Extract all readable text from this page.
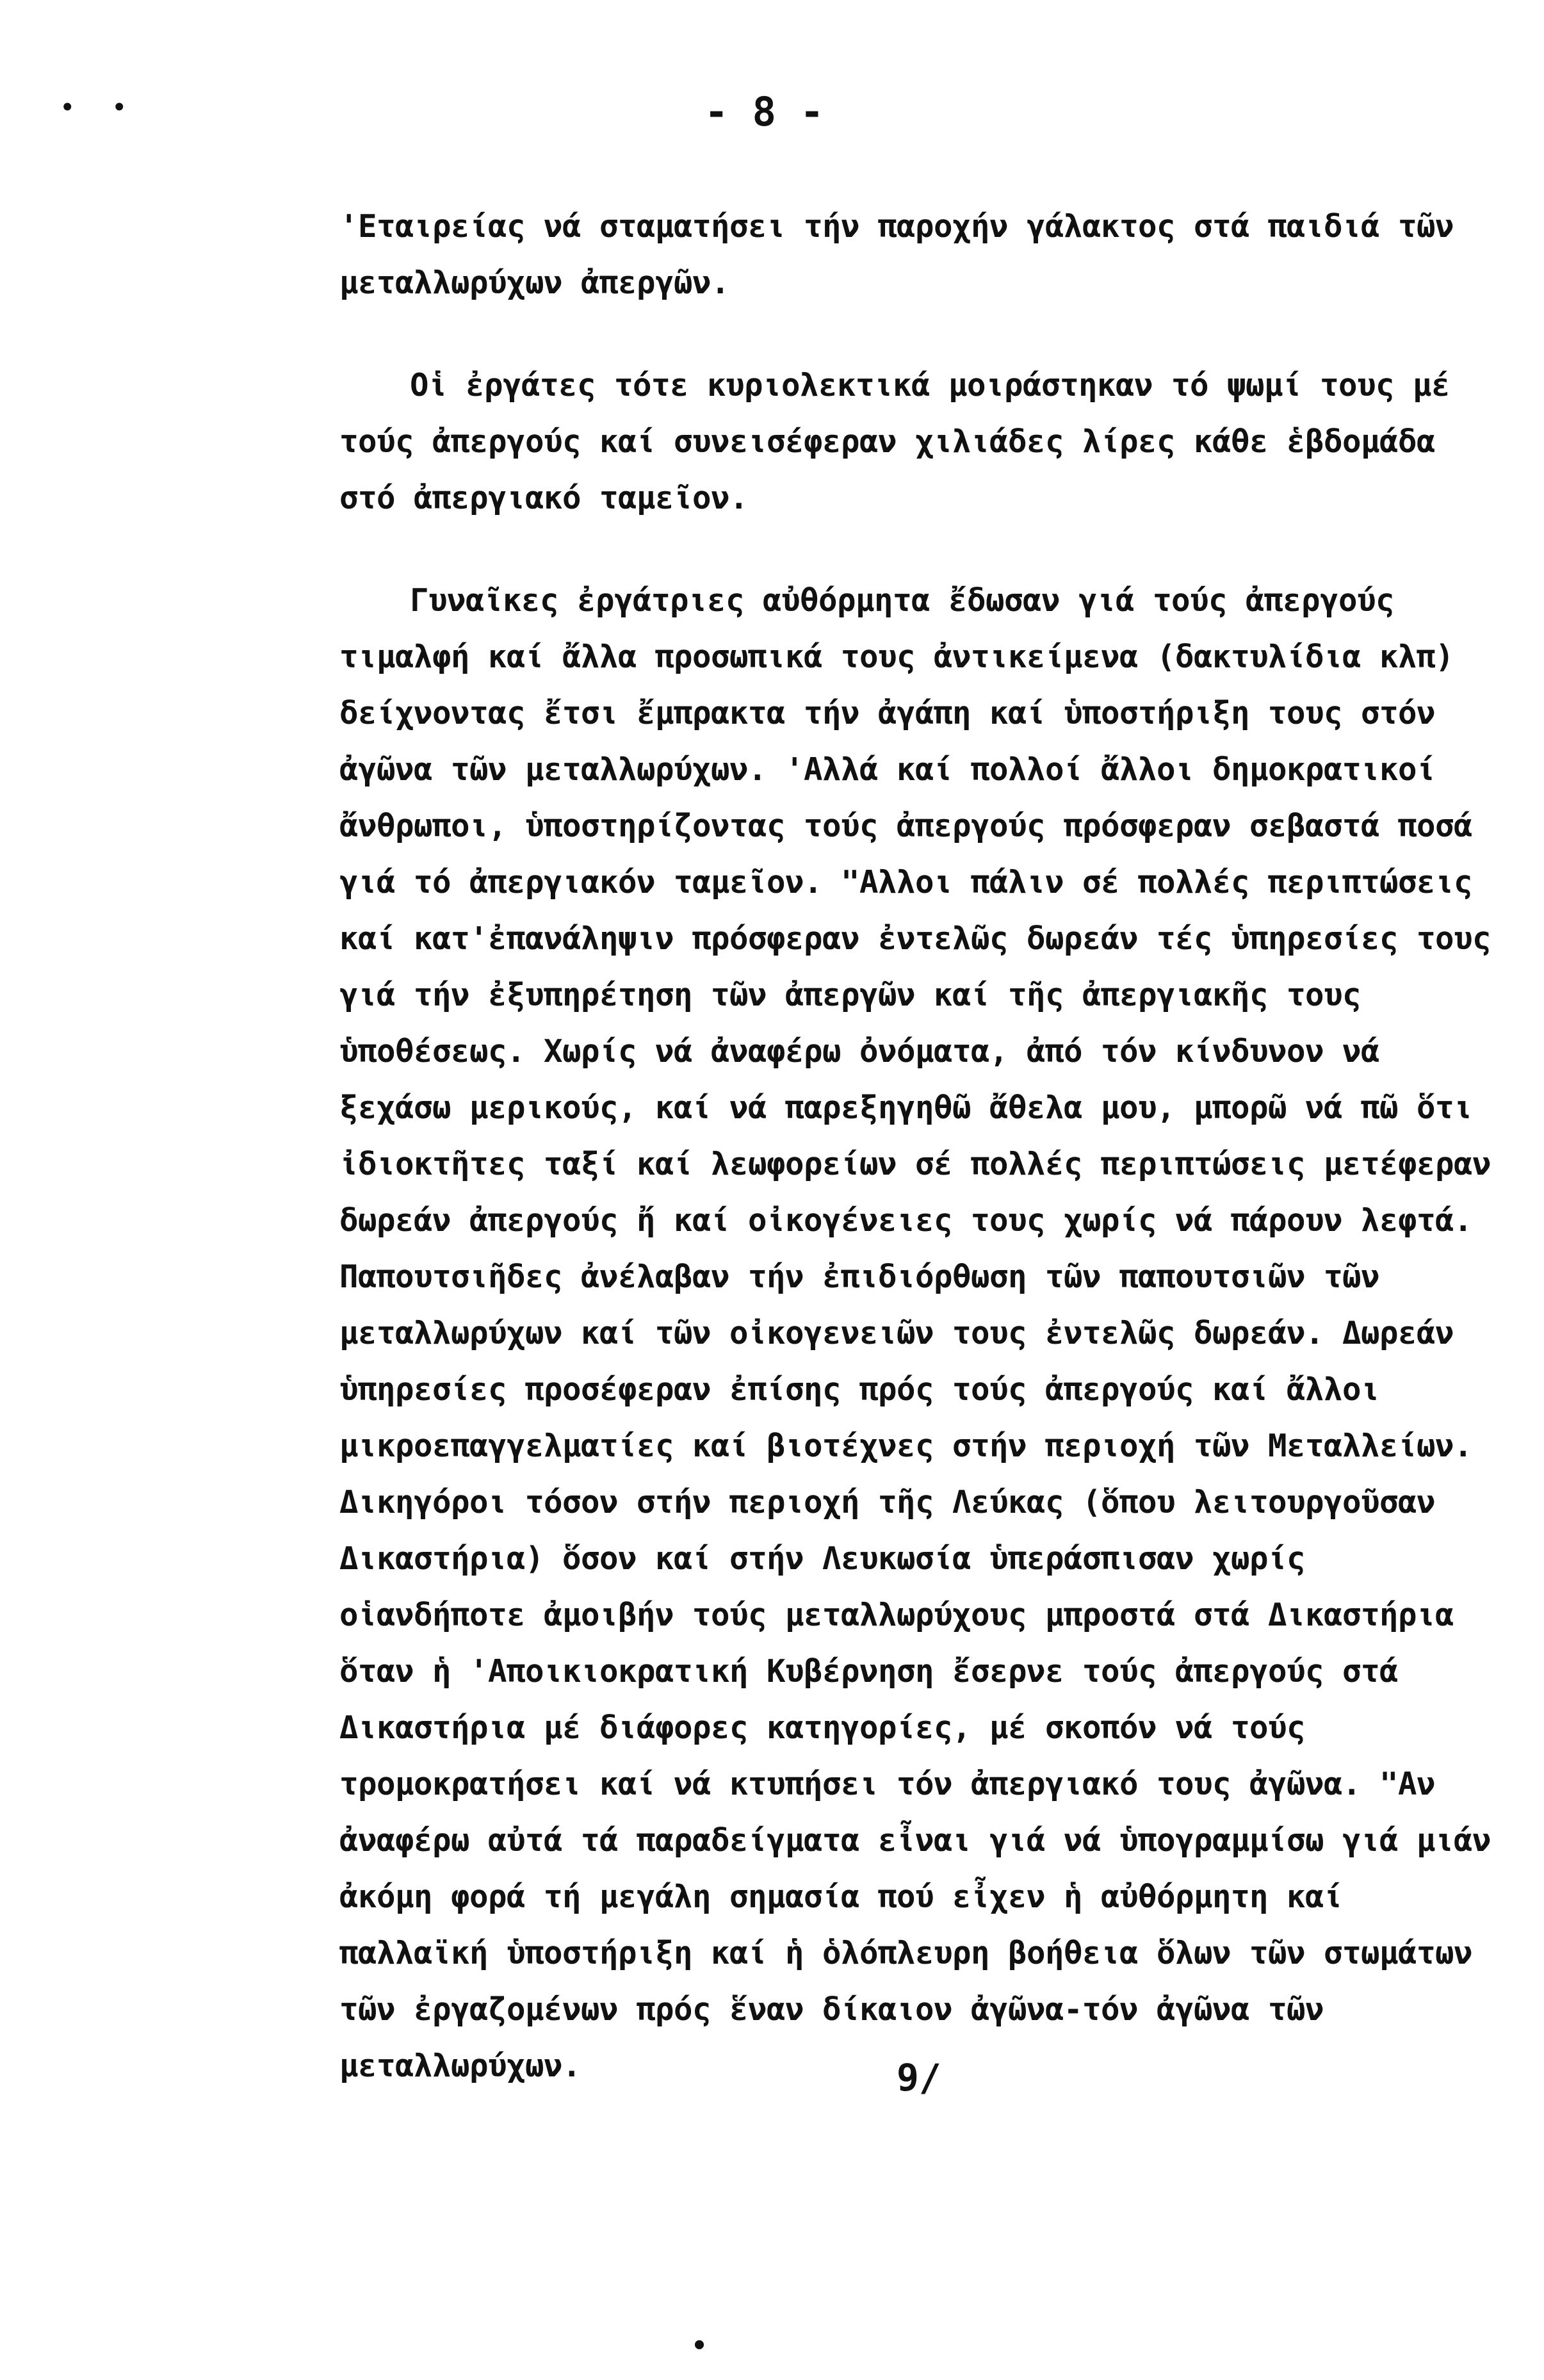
• •	- 8 -

'Εταιρείας νά σταματήσει τήν παροχήν γάλακτος στά παιδιά τῶν μεταλλωρύχων ἀπεργῶν.

Οἱ ἐργάτες τότε κυριολεκτικά μοιράστηκαν τό ψωμί τους μέ τούς ἀπεργούς καί συνεισέφεραν χιλιάδες λίρες κάθε ἑβδομάδα στό ἀπεργιακό ταμεῖον.

Γυναῖκες ἐργάτριες αὐθόρμητα ἔδωσαν γιά τούς ἀπεργούς τιμαλφή καί ἄλλα προσωπικά τους ἀντικείμενα (δακτυλίδια κλπ) δείχνοντας ἔτσι ἔμπρακτα τήν ἀγάπη καί ὑποστήριξη τους στόν ἀγῶνα τῶν μεταλλωρύχων. 'Αλλά καί πολλοί ἄλλοι δημοκρατικοί ἄνθρωποι, ὑποστηρίζοντας τούς ἀπεργούς πρόσφεραν σεβαστά ποσά γιά τό ἀπεργιακόν ταμεῖον. "Αλλοι πάλιν σέ πολλές περιπτώσεις καί κατ'ἐπανάληψιν πρόσφεραν ἐντελῶς δωρεάν τές ὑπηρεσίες τους γιά τήν ἐξυπηρέτηση τῶν ἀπεργῶν καί τῆς ἀπεργιακῆς τους ὑποθέσεως. Χωρίς νά ἀναφέρω ὀνόματα, ἀπό τόν κίνδυνον νά ξεχάσω μερικούς, καί νά παρεξηγηθῶ ἄθελα μου, μπορῶ νά πῶ ὅτι ἰδιοκτῆτες ταξί καί λεωφορείων σέ πολλές περιπτώσεις μετέφεραν δωρεάν ἀπεργούς ἤ καί οἰκογένειες τους χωρίς νά πάρουν λεφτά. Παπουτσιῆδες ἀνέλαβαν τήν ἐπιδιόρθωση τῶν παπουτσιῶν τῶν μεταλλωρύχων καί τῶν οἰκογενειῶν τους ἐντελῶς δωρεάν. Δωρεάν ὑπηρεσίες προσέφεραν ἐπίσης πρός τούς ἀπεργούς καί ἄλλοι μικροεπαγγελματίες καί βιοτέχνες στήν περιοχή τῶν Μεταλλείων. Δικηγόροι τόσον στήν περιοχή τῆς Λεύκας (ὅπου λειτουργοῦσαν Δικαστήρια) ὅσον καί στήν Λευκωσία ὑπεράσπισαν χωρίς οἱανδήποτε ἀμοιβήν τούς μεταλλωρύχους μπροστά στά Δικαστήρια ὅταν ἡ 'Αποικιοκρατική Κυβέρνηση ἔσερνε τούς ἀπεργούς στά Δικαστήρια μέ διάφορες κατηγορίες, μέ σκοπόν νά τούς τρομοκρατήσει καί νά κτυπήσει τόν ἀπεργιακό τους ἀγῶνα. "Αν ἀναφέρω αὐτά τά παραδείγματα εἶναι γιά νά ὑπογραμμίσω γιά μιάν ἀκόμη φορά τή μεγάλη σημασία πού εἶχεν ἡ αὐθόρμητη καί παλλαϊκή ὑποστήριξη καί ἡ ὁλόπλευρη βοήθεια ὅλων τῶν στωμάτων τῶν ἐργαζομένων πρός ἕναν δίκαιον ἀγῶνα-τόν ἀγῶνα τῶν μεταλλωρύχων.	9/
•
